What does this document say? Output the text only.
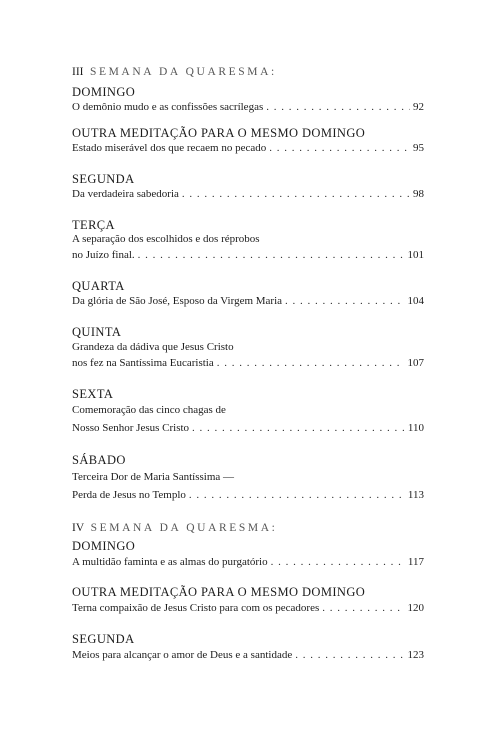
III SEMANA DA QUARESMA:
DOMINGO
O demônio mudo e as confissões sacrílegas . . .	92
OUTRA MEDITAÇÃO PARA O MESMO DOMINGO
Estado miserável dos que recaem no pecado . . .	95
SEGUNDA
Da verdadeira sabedoria . . .	98
TERÇA
A separação dos escolhidos e dos réprobos
no Juízo final. . . .	101
QUARTA
Da glória de São José, Esposo da Virgem Maria . . .	104
QUINTA
Grandeza da dádiva que Jesus Cristo
nos fez na Santíssima Eucaristia . . .	107
SEXTA
Comemoração das cinco chagas de
Nosso Senhor Jesus Cristo . . .	110
SÁBADO
Terceira Dor de Maria Santíssima —
Perda de Jesus no Templo . . .	113
IV SEMANA DA QUARESMA:
DOMINGO
A multidão faminta e as almas do purgatório . . .	117
OUTRA MEDITAÇÃO PARA O MESMO DOMINGO
Terna compaixão de Jesus Cristo para com os pecadores . . .	120
SEGUNDA
Meios para alcançar o amor de Deus e a santidade . . .	123
